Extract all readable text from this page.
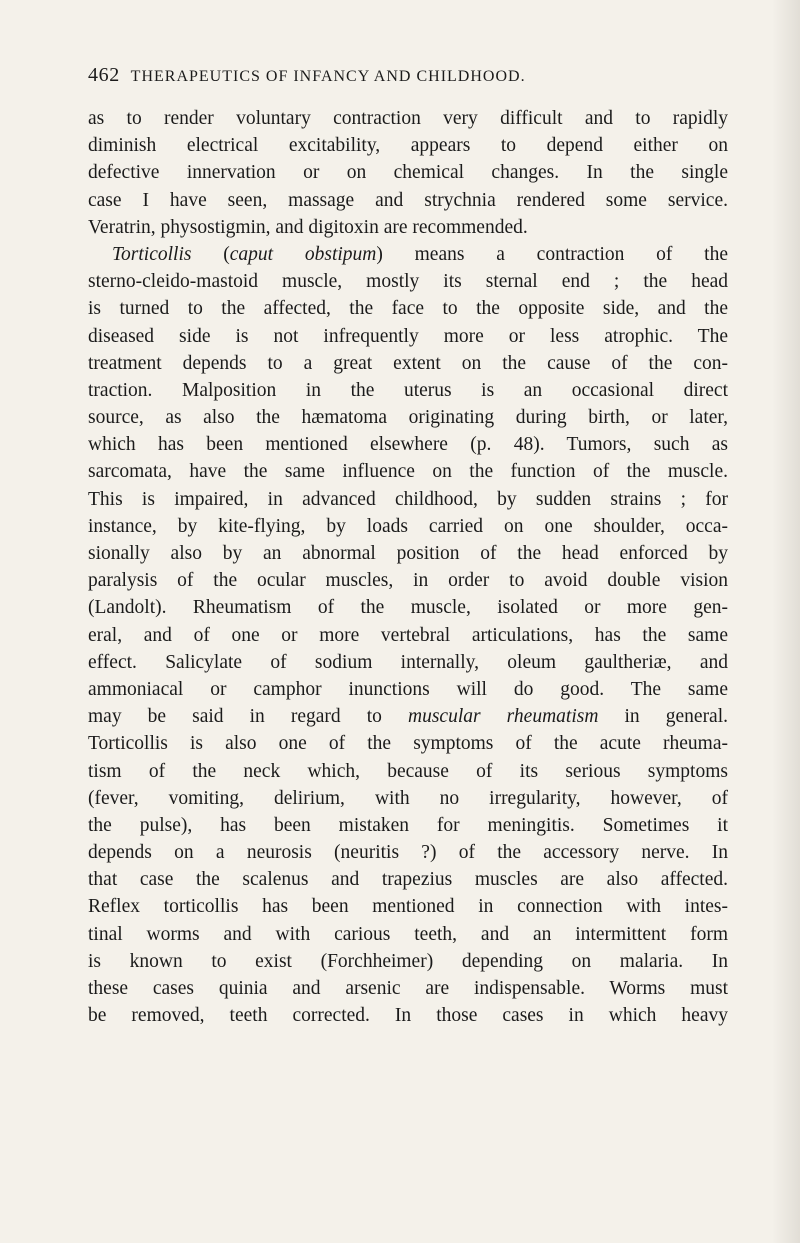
462 THERAPEUTICS OF INFANCY AND CHILDHOOD.
as to render voluntary contraction very difficult and to rapidly
diminish electrical excitability, appears to depend either on
defective innervation or on chemical changes. In the single
case I have seen, massage and strychnia rendered some service.
Veratrin, physostigmin, and digitoxin are recommended.
Torticollis (caput obstipum) means a contraction of the
sterno-cleido-mastoid muscle, mostly its sternal end ; the head
is turned to the affected, the face to the opposite side, and the
diseased side is not infrequently more or less atrophic. The
treatment depends to a great extent on the cause of the con-
traction. Malposition in the uterus is an occasional direct
source, as also the hæmatoma originating during birth, or later,
which has been mentioned elsewhere (p. 48). Tumors, such as
sarcomata, have the same influence on the function of the muscle.
This is impaired, in advanced childhood, by sudden strains ; for
instance, by kite-flying, by loads carried on one shoulder, occa-
sionally also by an abnormal position of the head enforced by
paralysis of the ocular muscles, in order to avoid double vision
(Landolt). Rheumatism of the muscle, isolated or more gen-
eral, and of one or more vertebral articulations, has the same
effect. Salicylate of sodium internally, oleum gaultheriæ, and
ammoniacal or camphor inunctions will do good. The same
may be said in regard to muscular rheumatism in general.
Torticollis is also one of the symptoms of the acute rheuma-
tism of the neck which, because of its serious symptoms
(fever, vomiting, delirium, with no irregularity, however, of
the pulse), has been mistaken for meningitis. Sometimes it
depends on a neurosis (neuritis ?) of the accessory nerve. In
that case the scalenus and trapezius muscles are also affected.
Reflex torticollis has been mentioned in connection with intes-
tinal worms and with carious teeth, and an intermittent form
is known to exist (Forchheimer) depending on malaria. In
these cases quinia and arsenic are indispensable. Worms must
be removed, teeth corrected. In those cases in which heavy
